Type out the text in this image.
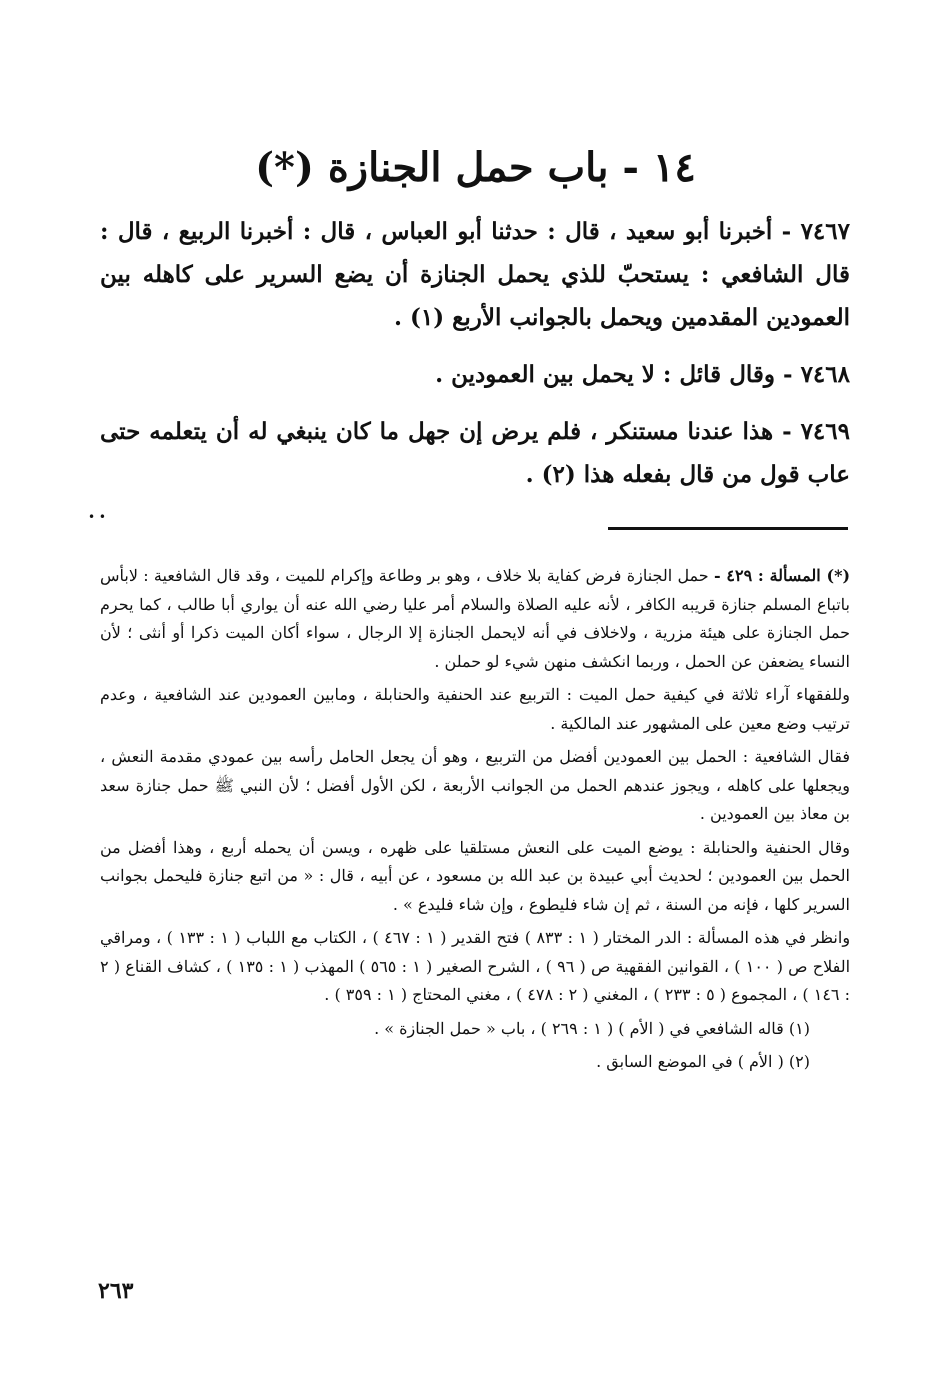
١٤ - باب حمل الجنازة (*)

٧٤٦٧ - أخبرنا أبو سعيد ، قال : حدثنا أبو العباس ، قال : أخبرنا الربيع ، قال : قال الشافعي : يستحبّ للذي يحمل الجنازة أن يضع السرير على كاهله بين العمودين المقدمين ويحمل بالجوانب الأربع (١) .

٧٤٦٨ - وقال قائل : لا يحمل بين العمودين .

٧٤٦٩ - هذا عندنا مستنكر ، فلم يرض إن جهل ما كان ينبغي له أن يتعلمه حتى عاب قول من قال بفعله هذا (٢) .

• •

(*) المسألة : ٤٢٩ - حمل الجنازة فرض كفاية بلا خلاف ، وهو بر وطاعة وإكرام للميت ، وقد قال الشافعية : لابأس باتباع المسلم جنازة قريبه الكافر ، لأنه عليه الصلاة والسلام أمر عليا رضي الله عنه أن يواري أبا طالب ، كما يحرم حمل الجنازة على هيئة مزرية ، ولاخلاف في أنه لايحمل الجنازة إلا الرجال ، سواء أكان الميت ذكرا أو أنثى ؛ لأن النساء يضعفن عن الحمل ، وربما انكشف منهن شيء لو حملن .

وللفقهاء آراء ثلاثة في كيفية حمل الميت : التربيع عند الحنفية والحنابلة ، ومابين العمودين عند الشافعية ، وعدم ترتيب وضع معين على المشهور عند المالكية .

فقال الشافعية : الحمل بين العمودين أفضل من التربيع ، وهو أن يجعل الحامل رأسه بين عمودي مقدمة النعش ، ويجعلها على كاهله ، ويجوز عندهم الحمل من الجوانب الأربعة ، لكن الأول أفضل ؛ لأن النبي ﷺ حمل جنازة سعد بن معاذ بين العمودين .

وقال الحنفية والحنابلة : يوضع الميت على النعش مستلقيا على ظهره ، ويسن أن يحمله أربع ، وهذا أفضل من الحمل بين العمودين ؛ لحديث أبي عبيدة بن عبد الله بن مسعود ، عن أبيه ، قال : « من اتبع جنازة فليحمل بجوانب السرير كلها ، فإنه من السنة ، ثم إن شاء فليطوع ، وإن شاء فليدع » .

وانظر في هذه المسألة : الدر المختار ( ١ : ٨٣٣ ) فتح القدير ( ١ : ٤٦٧ ) ، الكتاب مع اللباب ( ١ : ١٣٣ ) ، ومراقي الفلاح ص ( ١٠٠ ) ، القوانين الفقهية ص ( ٩٦ ) ، الشرح الصغير ( ١ : ٥٦٥ ) المهذب ( ١ : ١٣٥ ) ، كشاف القناع ( ٢ : ١٤٦ ) ، المجموع ( ٥ : ٢٣٣ ) ، المغني ( ٢ : ٤٧٨ ) ، مغني المحتاج ( ١ : ٣٥٩ ) .

(١) قاله الشافعي في ( الأم ) ( ١ : ٢٦٩ ) ، باب « حمل الجنازة » .

(٢) ( الأم ) في الموضع السابق .

٢٦٣
